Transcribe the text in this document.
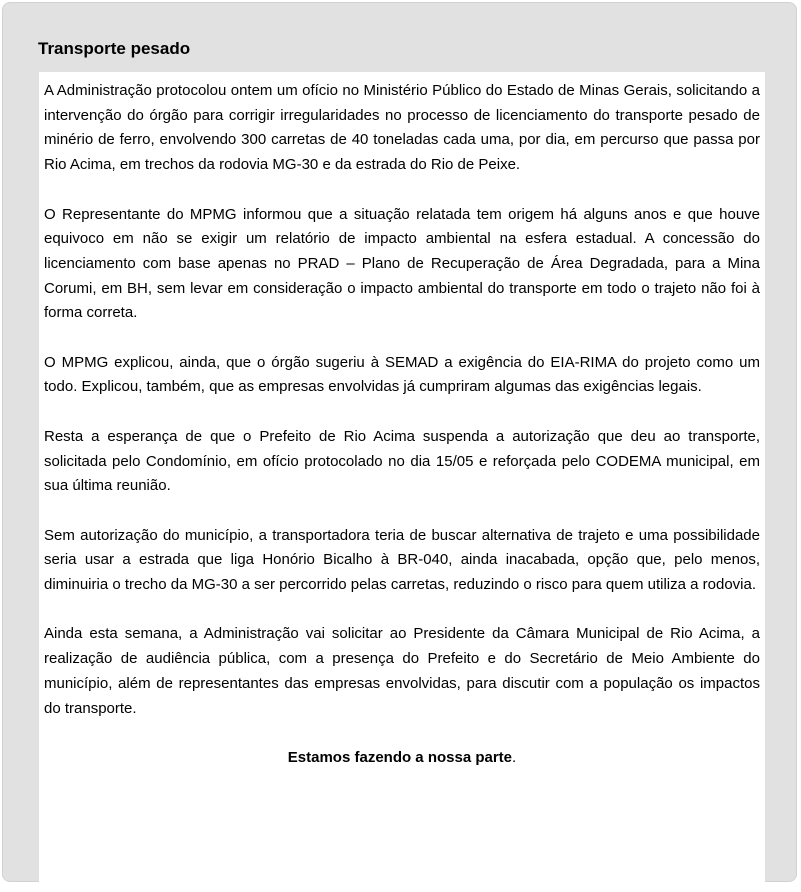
Transporte pesado

A Administração protocolou ontem um ofício no Ministério Público do Estado de Minas Gerais, solicitando a intervenção do órgão para corrigir irregularidades no processo de licenciamento do transporte pesado de minério de ferro, envolvendo 300 carretas de 40 toneladas cada uma, por dia, em percurso que passa por Rio Acima, em trechos da rodovia MG-30 e da estrada do Rio de Peixe.

O Representante do MPMG informou que a situação relatada tem origem há alguns anos e que houve equivoco em não se exigir um relatório de impacto ambiental na esfera estadual. A concessão do licenciamento com base apenas no PRAD – Plano de Recuperação de Área Degradada, para a Mina Corumi, em BH, sem levar em consideração o impacto ambiental do transporte em todo o trajeto não foi à forma correta.

O MPMG explicou, ainda, que o órgão sugeriu à SEMAD a exigência do EIA-RIMA do projeto como um todo. Explicou, também, que as empresas envolvidas já cumpriram algumas das exigências legais.

Resta a esperança de que o Prefeito de Rio Acima suspenda a autorização que deu ao transporte, solicitada pelo Condomínio, em ofício protocolado no dia 15/05 e reforçada pelo CODEMA municipal, em sua última reunião.

Sem autorização do município, a transportadora teria de buscar alternativa de trajeto e uma possibilidade seria usar a estrada que liga Honório Bicalho à BR-040, ainda inacabada, opção que, pelo menos, diminuiria o trecho da MG-30 a ser percorrido pelas carretas, reduzindo o risco para quem utiliza a rodovia.

Ainda esta semana, a Administração vai solicitar ao Presidente da Câmara Municipal de Rio Acima, a realização de audiência pública, com a presença do Prefeito e do Secretário de Meio Ambiente do município, além de representantes das empresas envolvidas, para discutir com a população os impactos do transporte.

Estamos fazendo a nossa parte.
